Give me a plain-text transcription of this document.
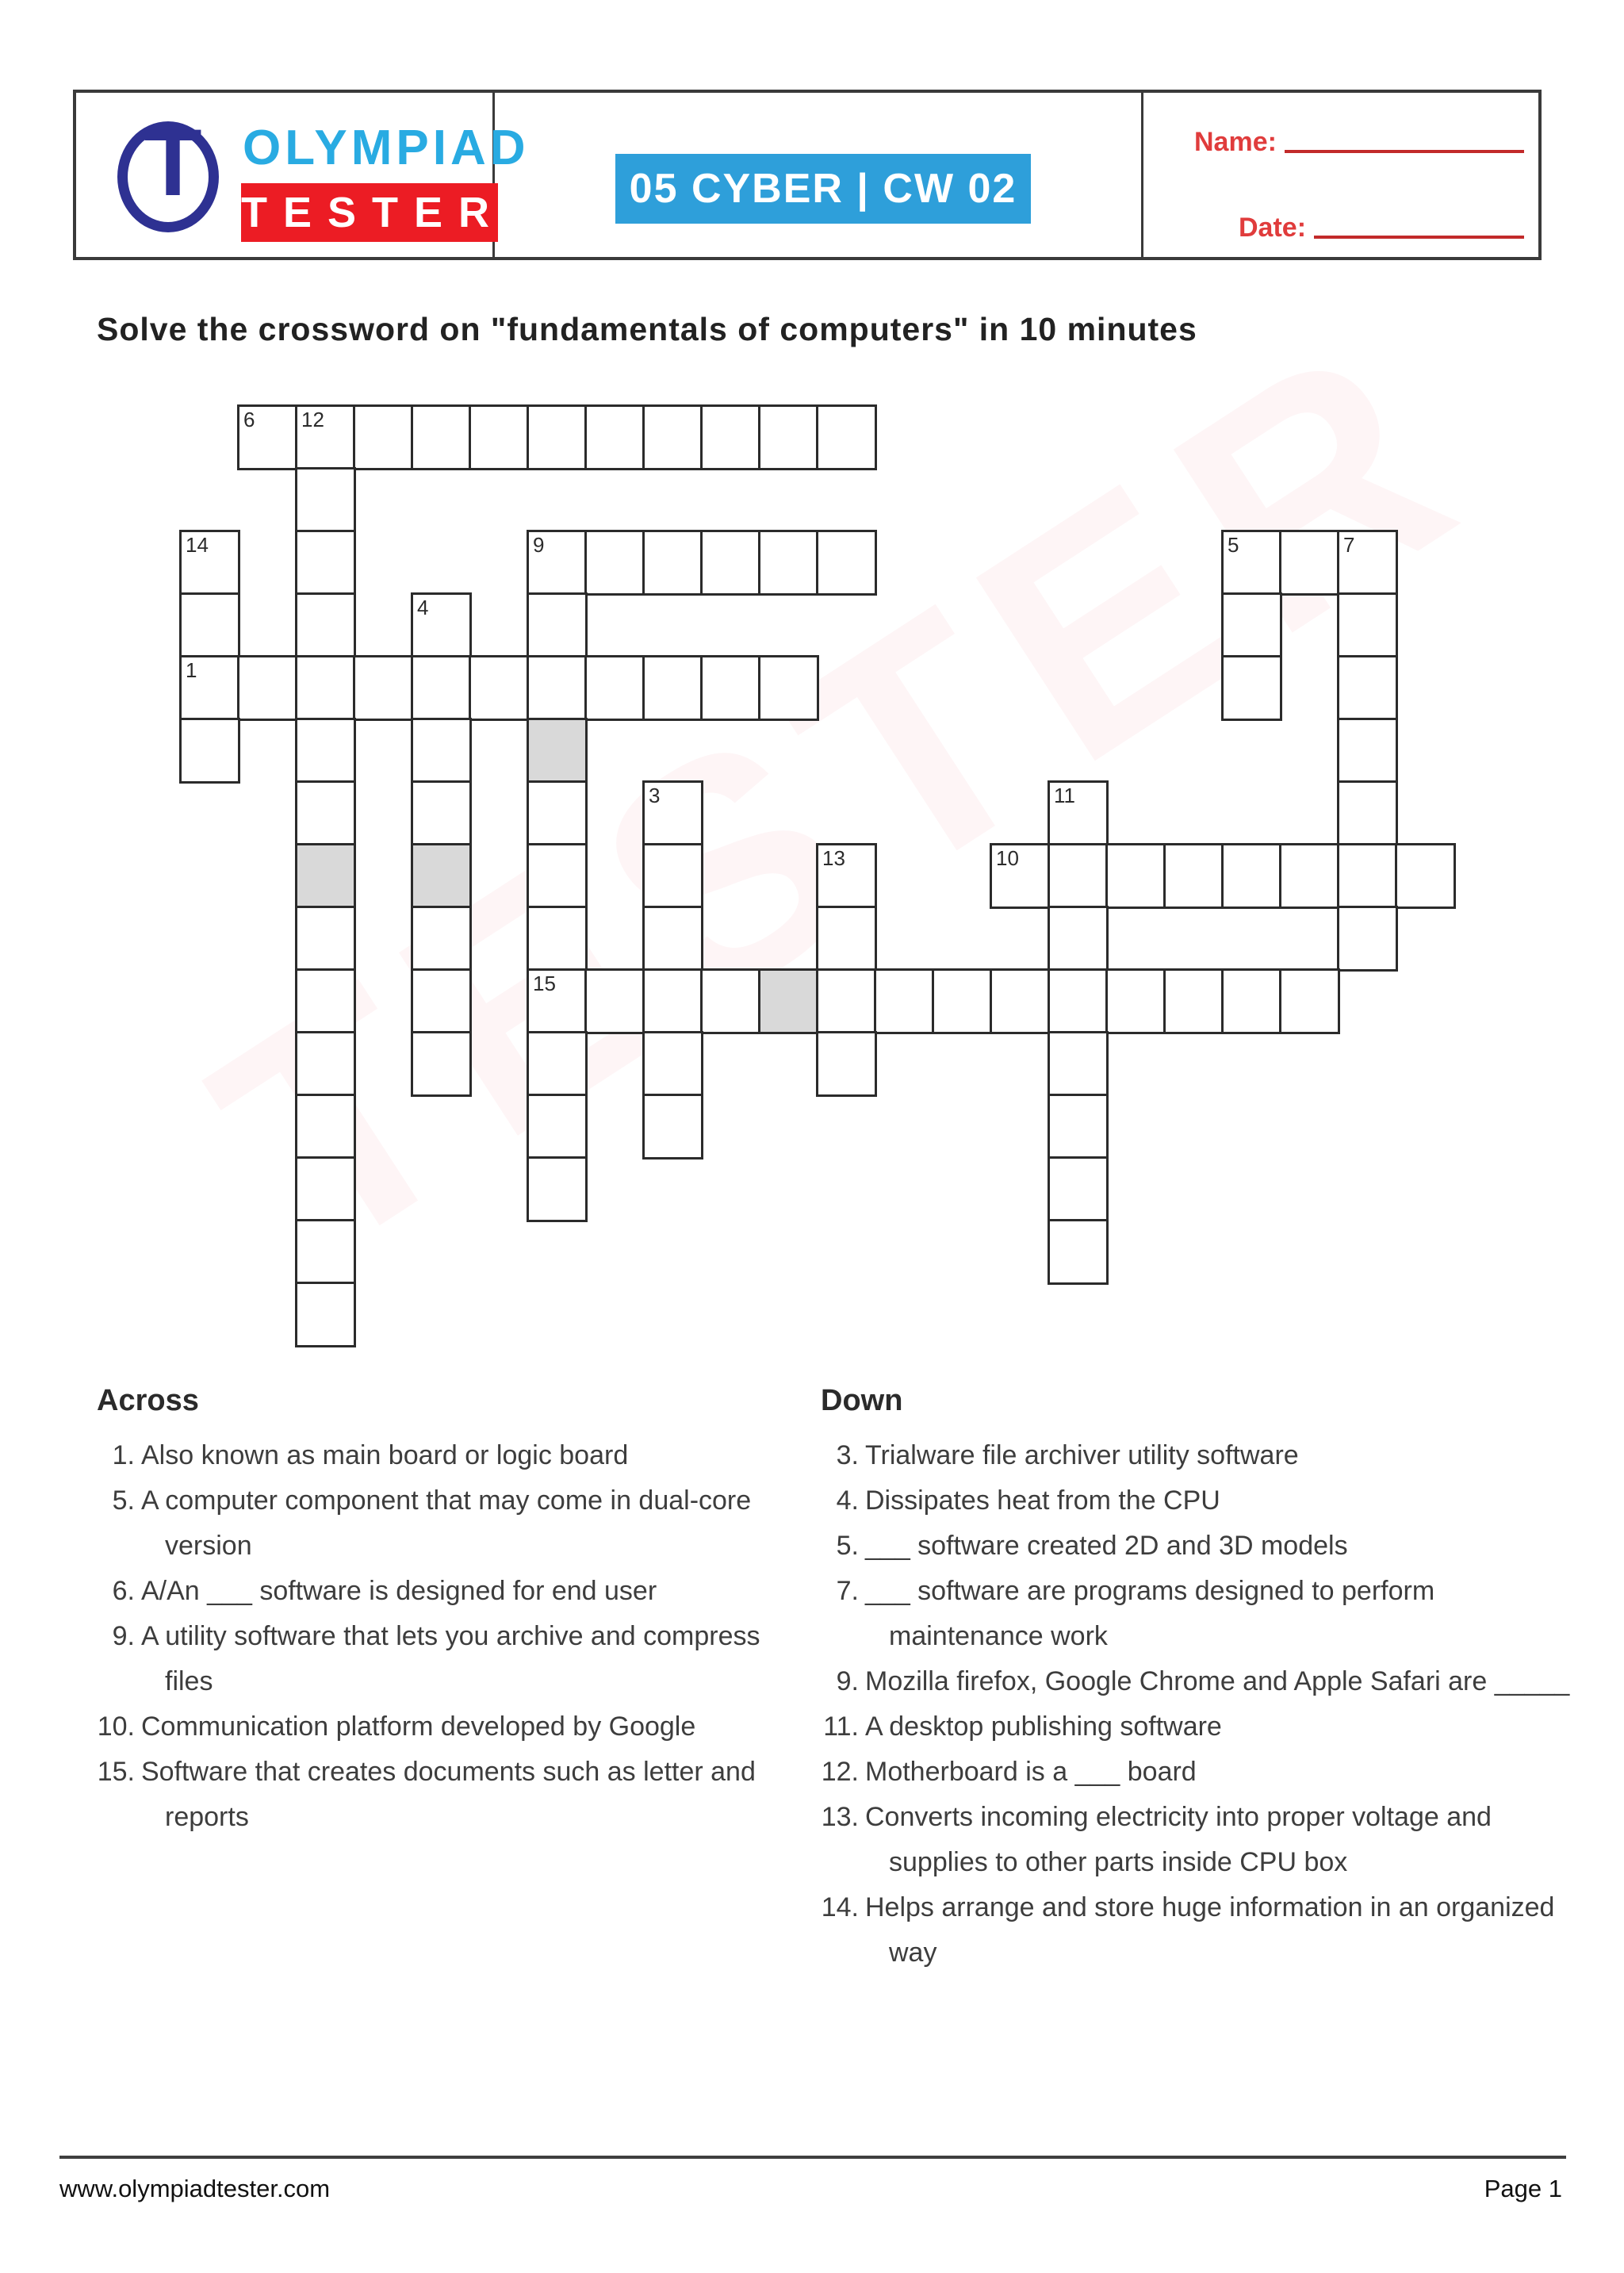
T OLYMPIAD
TESTER	05 CYBER | CW 02
Name:
Date:
Solve the crossword on "fundamentals of computers" in 10 minutes
6 12
14	9	5	7
4
1
3	11
13	10
15
Across
1. Also known as main board or logic board
5. A computer component that may come in dual-core version
6. A/An ___ software is designed for end user
9. A utility software that lets you archive and compress files
10. Communication platform developed by Google
15. Software that creates documents such as letter and reports
Down
3. Trialware file archiver utility software
4. Dissipates heat from the CPU
5. ___ software created 2D and 3D models
7. ___ software are programs designed to perform maintenance work
9. Mozilla firefox, Google Chrome and Apple Safari are _____
11. A desktop publishing software
12. Motherboard is a ___ board
13. Converts incoming electricity into proper voltage and supplies to other parts inside CPU box
14. Helps arrange and store huge information in an organized way
www.olympiadtester.com	Page 1
